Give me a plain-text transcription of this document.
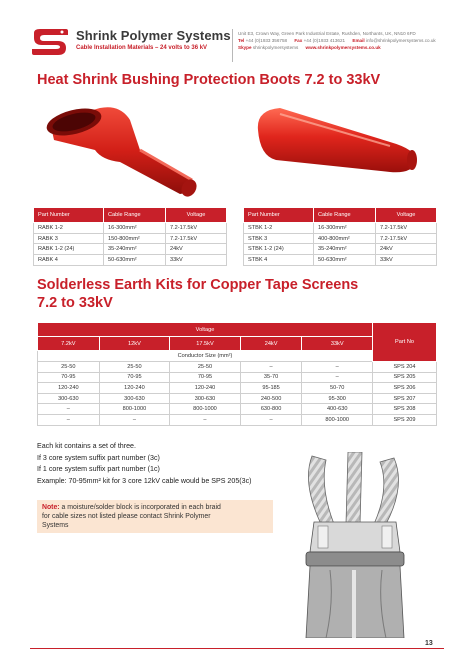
Shrink Polymer Systems
Cable Installation Materials – 24 volts to 36 kV
Unit E3, Crown Way, Green Park Industrial Estate, Rushden, Northants, UK, NN10 6FD
Tel +44 (0)1933 356758 Fax +44 (0)1933 413621 Email info@shrinkpolymersystems.co.uk
Skype shrinkpolymersystems www.shrinkpolymersystems.co.uk
Heat Shrink Bushing Protection Boots 7.2 to 33kV
Part Number	Cable Range	Voltage
RABK 1-2	16-300mm²	7.2-17.5kV
RABK 3	150-800mm²	7.2-17.5kV
RABK 1-2 (24)	35-240mm²	24kV
RABK 4	50-630mm²	33kV
Part Number	Cable Range	Voltage
STBK 1-2	16-300mm²	7.2-17.5kV
STBK 3	400-800mm²	7.2-17.5kV
STBK 1-2 (24)	35-240mm²	24kV
STBK 4	50-630mm²	33kV
Solderless Earth Kits for Copper Tape Screens
7.2 to 33kV
Voltage					Part No
7.2kV	12kV	17.5kV	24kV	33kV	
Conductor Size (mm²)					
25-50	25-50	25-50	–	–	SPS 204
70-95	70-95	70-95	35-70	–	SPS 205
120-240	120-240	120-240	95-185	50-70	SPS 206
300-630	300-630	300-630	240-500	95-300	SPS 207
–	800-1000	800-1000	630-800	400-630	SPS 208
–	–	–	–	800-1000	SPS 209
Each kit contains a set of three.
If 3 core system suffix part number (3c)
If 1 core system suffix part number (1c)
Example: 70-95mm² kit for 3 core 12kV cable would be SPS 205(3c)
Note: a moisture/solder block is incorporated in each braid
for cable sizes not listed please contact Shrink Polymer
Systems
13
